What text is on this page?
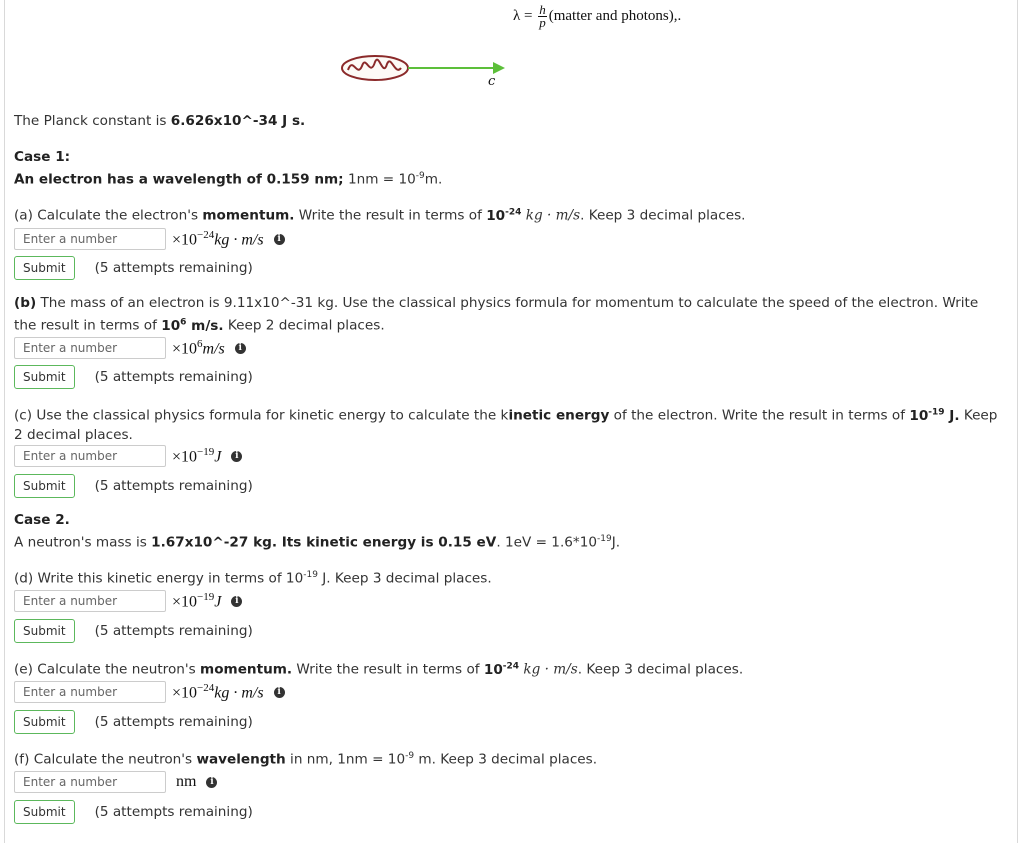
$\lambda = \frac{h}{p}$ (matter and photons),.
c
The Planck constant is 6.626x10^-34 J s.
Case 1:
An electron has a wavelength of 0.159 nm; $1nm = 10^{-9}m$.
(a) Calculate the electron's momentum. Write the result in terms of $10^{-24}$ kg · m/s. Keep 3 decimal places.
Enter a number
$\times 10^{-24}kg \cdot m/s$	i
Submit	(5 attempts remaining)
(b) The mass of an electron is 9.11x10^-31 kg. Use the classical physics formula for momentum to calculate the speed of the electron. Write the result in terms of $10^6$ m/s. Keep 2 decimal places.
Enter a number
$\times 10^6m/s$	i
Submit	(5 attempts remaining)
(c) Use the classical physics formula for kinetic energy to calculate the kinetic energy of the electron. Write the result in terms of $10^{-19}$ J. Keep 2 decimal places.
Enter a number
$\times 10^{-19}J$	i
Submit	(5 attempts remaining)
Case 2.
A neutron's mass is 1.67x10^-27 kg. Its kinetic energy is 0.15 eV. $1eV = 1.6*10^{-19}J$.
(d) Write this kinetic energy in terms of $10^{-19}$ J. Keep 3 decimal places.
Enter a number
$\times 10^{-19}J$	i
Submit	(5 attempts remaining)
(e) Calculate the neutron's momentum. Write the result in terms of $10^{-24}$ kg · m/s. Keep 3 decimal places.
Enter a number
$\times 10^{-24}kg \cdot m/s$	i
Submit	(5 attempts remaining)
(f) Calculate the neutron's wavelength in nm, $1nm = 10^{-9}$ m. Keep 3 decimal places.
Enter a number
nm	i
Submit	(5 attempts remaining)
